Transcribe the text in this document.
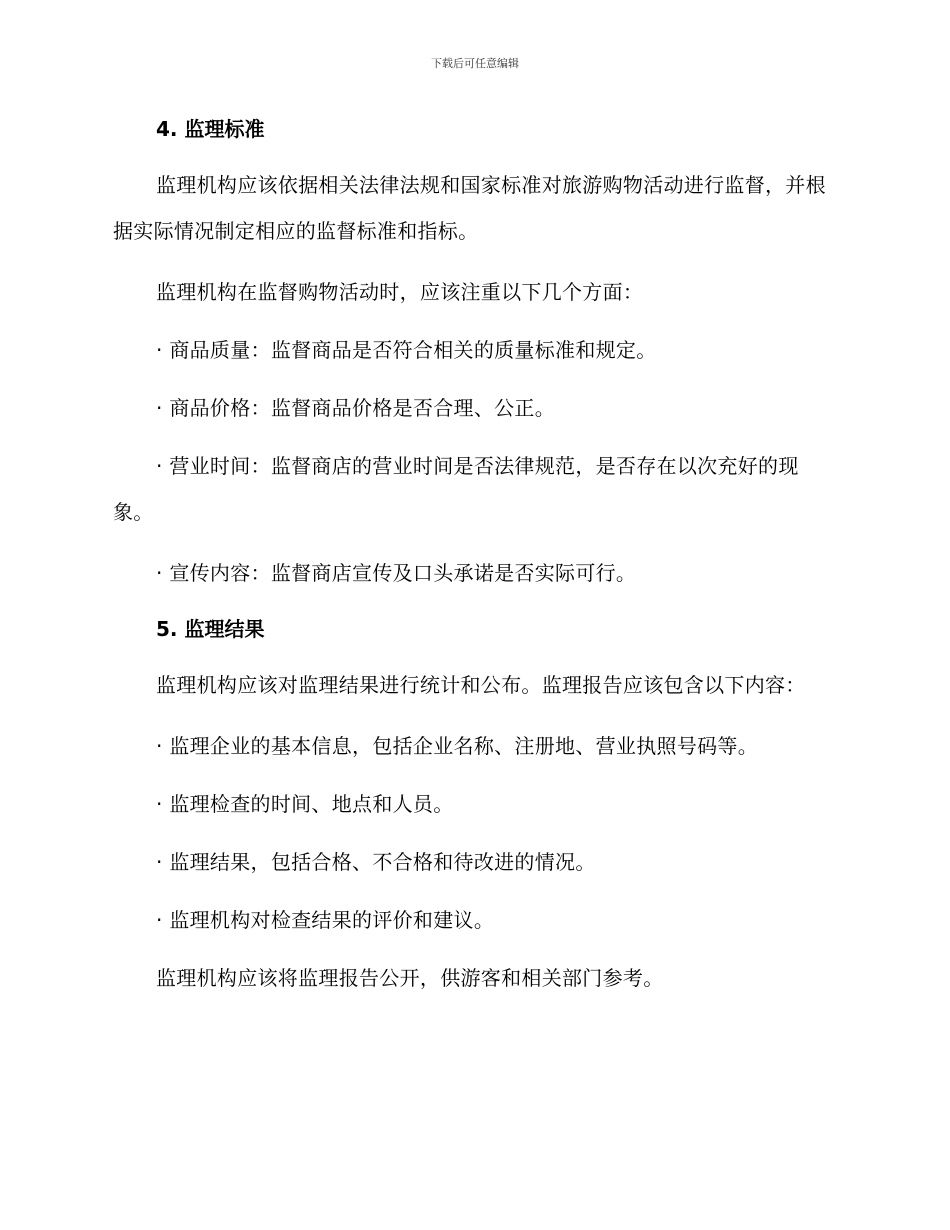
下载后可任意编辑
4. 监理标准

监理机构应该依据相关法律法规和国家标准对旅游购物活动进行监督，并根据实际情况制定相应的监督标准和指标。

监理机构在监督购物活动时，应该注重以下几个方面：

· 商品质量：监督商品是否符合相关的质量标准和规定。

· 商品价格：监督商品价格是否合理、公正。

· 营业时间：监督商店的营业时间是否法律规范，是否存在以次充好的现象。

· 宣传内容：监督商店宣传及口头承诺是否实际可行。

5. 监理结果

监理机构应该对监理结果进行统计和公布。监理报告应该包含以下内容：

· 监理企业的基本信息，包括企业名称、注册地、营业执照号码等。

· 监理检查的时间、地点和人员。

· 监理结果，包括合格、不合格和待改进的情况。

· 监理机构对检查结果的评价和建议。

监理机构应该将监理报告公开，供游客和相关部门参考。
